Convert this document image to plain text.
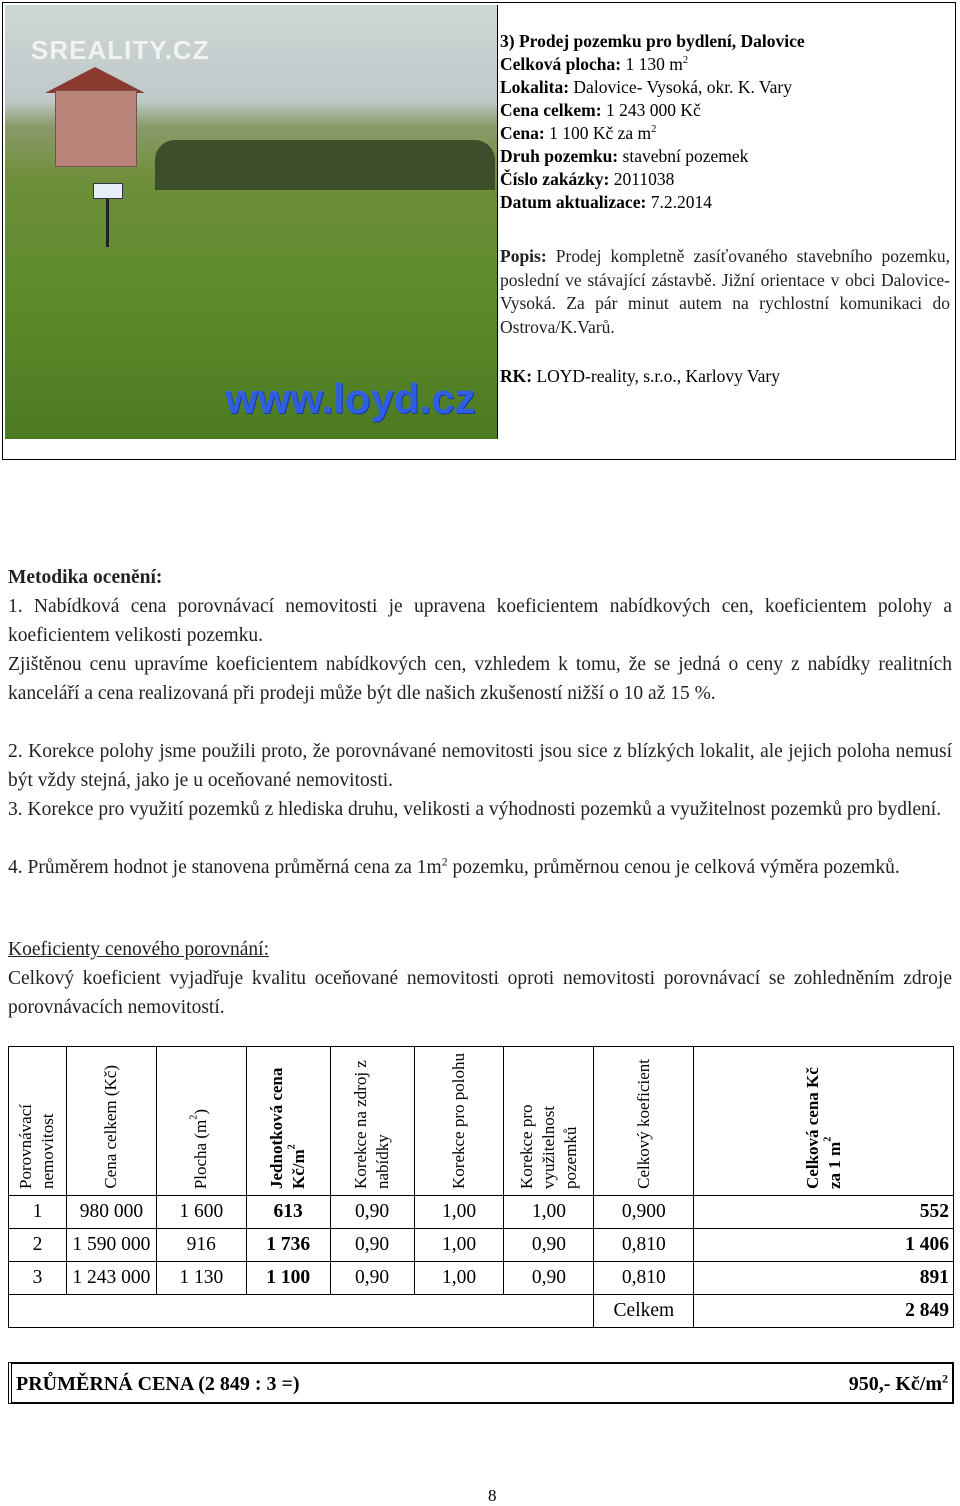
SREALITY.CZ
www.loyd.cz
3) Prodej pozemku pro bydlení, Dalovice
Celková plocha: 1 130 $m^2$
Lokalita: Dalovice- Vysoká, okr. K. Vary
Cena celkem: 1 243 000 Kč
Cena: 1 100 Kč za $m^2$
Druh pozemku: stavební pozemek
Číslo zakázky: 2011038
Datum aktualizace: 7.2.2014
Popis: Prodej kompletně zasíťovaného stavebního pozemku, poslední ve stávající zástavbě. Jižní orientace v obci Dalovice-Vysoká. Za pár minut autem na rychlostní komunikaci do Ostrova/K.Varů.
RK: LOYD-reality, s.r.o., Karlovy Vary
Metodika ocenění:
1. Nabídková cena porovnávací nemovitosti je upravena koeficientem nabídkových cen, koeficientem polohy a koeficientem velikosti pozemku.
Zjištěnou cenu upravíme koeficientem nabídkových cen, vzhledem k tomu, že se jedná o ceny z nabídky realitních kanceláří a cena realizovaná při prodeji může být dle našich zkušeností nižší o 10 až 15 %.
2. Korekce polohy jsme použili proto, že porovnávané nemovitosti jsou sice z blízkých lokalit, ale jejich poloha nemusí být vždy stejná, jako je u oceňované nemovitosti.
3. Korekce pro využití pozemků z hlediska druhu, velikosti a výhodnosti pozemků a využitelnost pozemků pro bydlení.
4. Průměrem hodnot je stanovena průměrná cena za $1m^2$ pozemku, průměrnou cenou je celková výměra pozemků.
Koeficienty cenového porovnání:
Celkový koeficient vyjadřuje kvalitu oceňované nemovitosti oproti nemovitosti porovnávací se zohledněním zdroje porovnávacích nemovitostí.
Porovnávací nemovitost	Cena celkem (Kč)	Plocha $(m^2)$	Jednotková cena $Kč/m^2$	Korekce na zdroj z nabídky	Korekce pro polohu	Korekce pro využitelnost pozemků	Celkový koeficient	Celková cena Kč za 1 $m^2$

1	980 000	1 600	613	0,90	1,00	1,00	0,900	552
2	1 590 000	916	1 736	0,90	1,00	0,90	0,810	1 406
3	1 243 000	1 130	1 100	0,90	1,00	0,90	0,810	891
							Celkem	2 849
PRŮMĚRNÁ CENA (2 849 : 3 =)	950,- $Kč/m^2$
8
